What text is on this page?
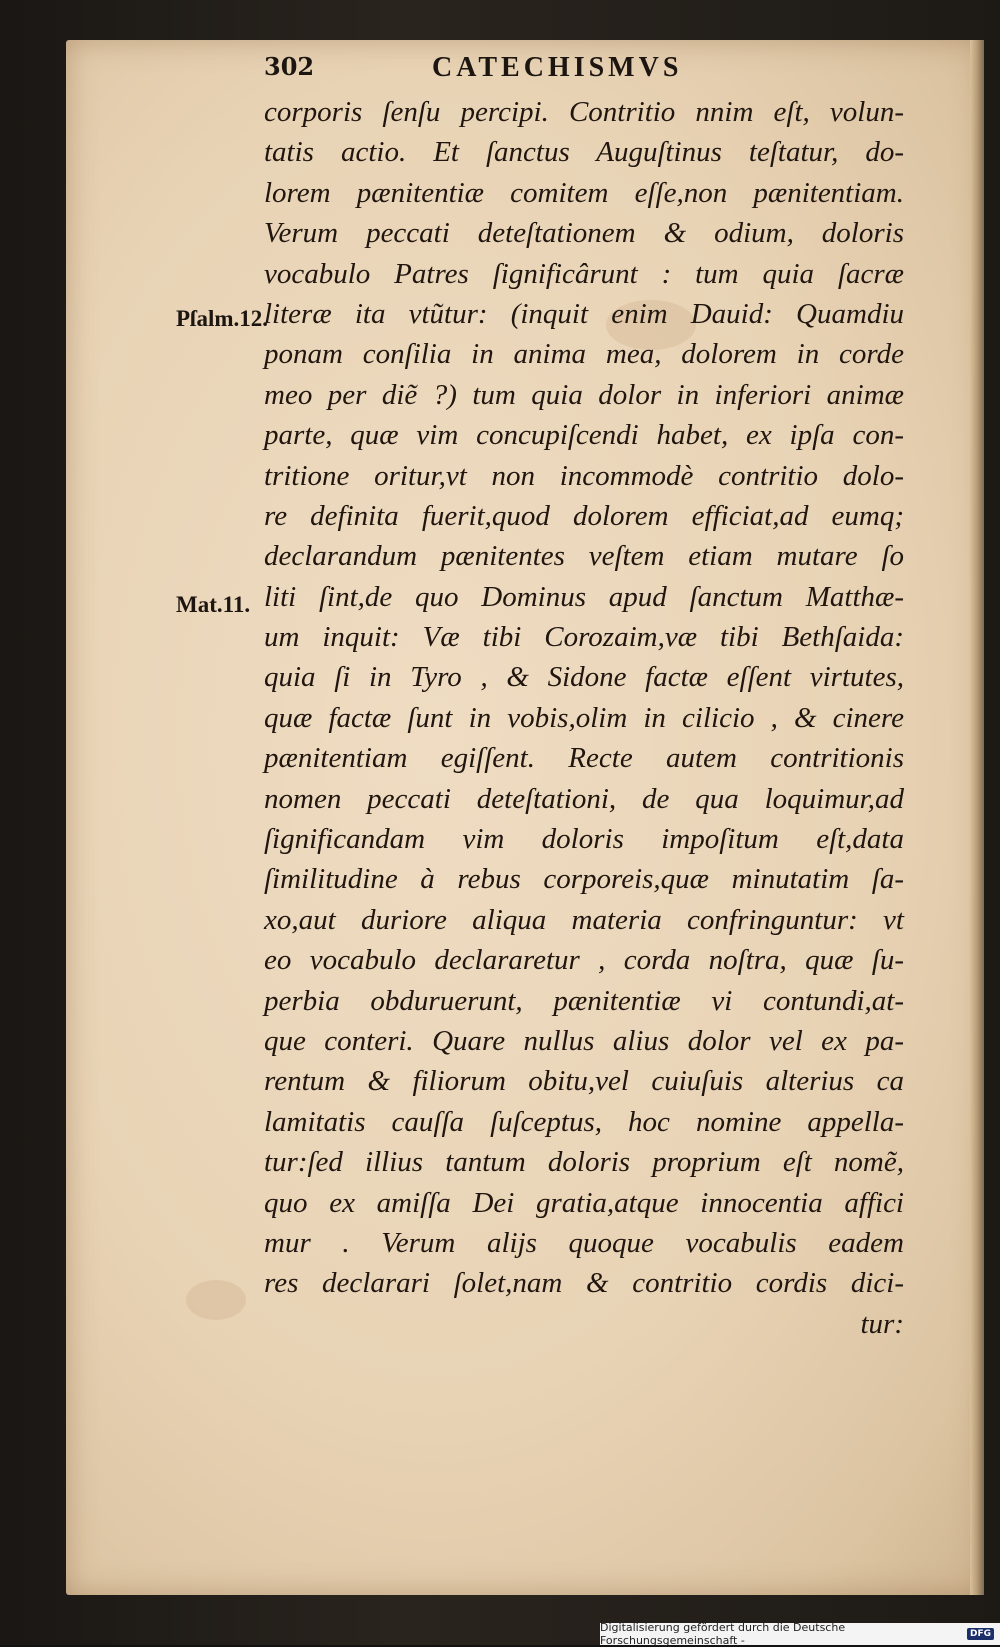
302	CATECHISMVS
Pſalm.12.
Mat.11.
corporis ſenſu percipi. Contritio nnim eſt, volun-
tatis actio. Et ſanctus Auguſtinus teſtatur, do-
lorem pænitentiæ comitem eſſe,non pænitentiam.
Verum peccati deteſtationem & odium, doloris
vocabulo Patres ſignificârunt : tum quia ſacræ
literæ ita vtũtur: (inquit enim Dauid: Quamdiu
ponam conſilia in anima mea, dolorem in corde
meo per diẽ ?) tum quia dolor in inferiori animæ
parte, quæ vim concupiſcendi habet, ex ipſa con-
tritione oritur,vt non incommodè contritio dolo-
re definita fuerit,quod dolorem efficiat,ad eumq;
declarandum pænitentes veſtem etiam mutare ſo
liti ſint,de quo Dominus apud ſanctum Matthæ-
um inquit: Væ tibi Corozaim,væ tibi Bethſaida:
quia ſi in Tyro , & Sidone factæ eſſent virtutes,
quæ factæ ſunt in vobis,olim in cilicio , & cinere
pænitentiam egiſſent. Recte autem contritionis
nomen peccati deteſtationi, de qua loquimur,ad
ſignificandam vim doloris impoſitum eſt,data
ſimilitudine à rebus corporeis,quæ minutatim ſa-
xo,aut duriore aliqua materia confringuntur: vt
eo vocabulo declararetur , corda noſtra, quæ ſu-
perbia obduruerunt, pænitentiæ vi contundi,at-
que conteri. Quare nullus alius dolor vel ex pa-
rentum & filiorum obitu,vel cuiuſuis alterius ca
lamitatis cauſſa ſuſceptus, hoc nomine appella-
tur:ſed illius tantum doloris proprium eſt nomẽ,
quo ex amiſſa Dei gratia,atque innocentia affici
mur . Verum alijs quoque vocabulis eadem
res declarari ſolet,nam & contritio cordis dici-
tur:
Digitalisierung gefördert durch die Deutsche Forschungsgemeinschaft -	DFG
